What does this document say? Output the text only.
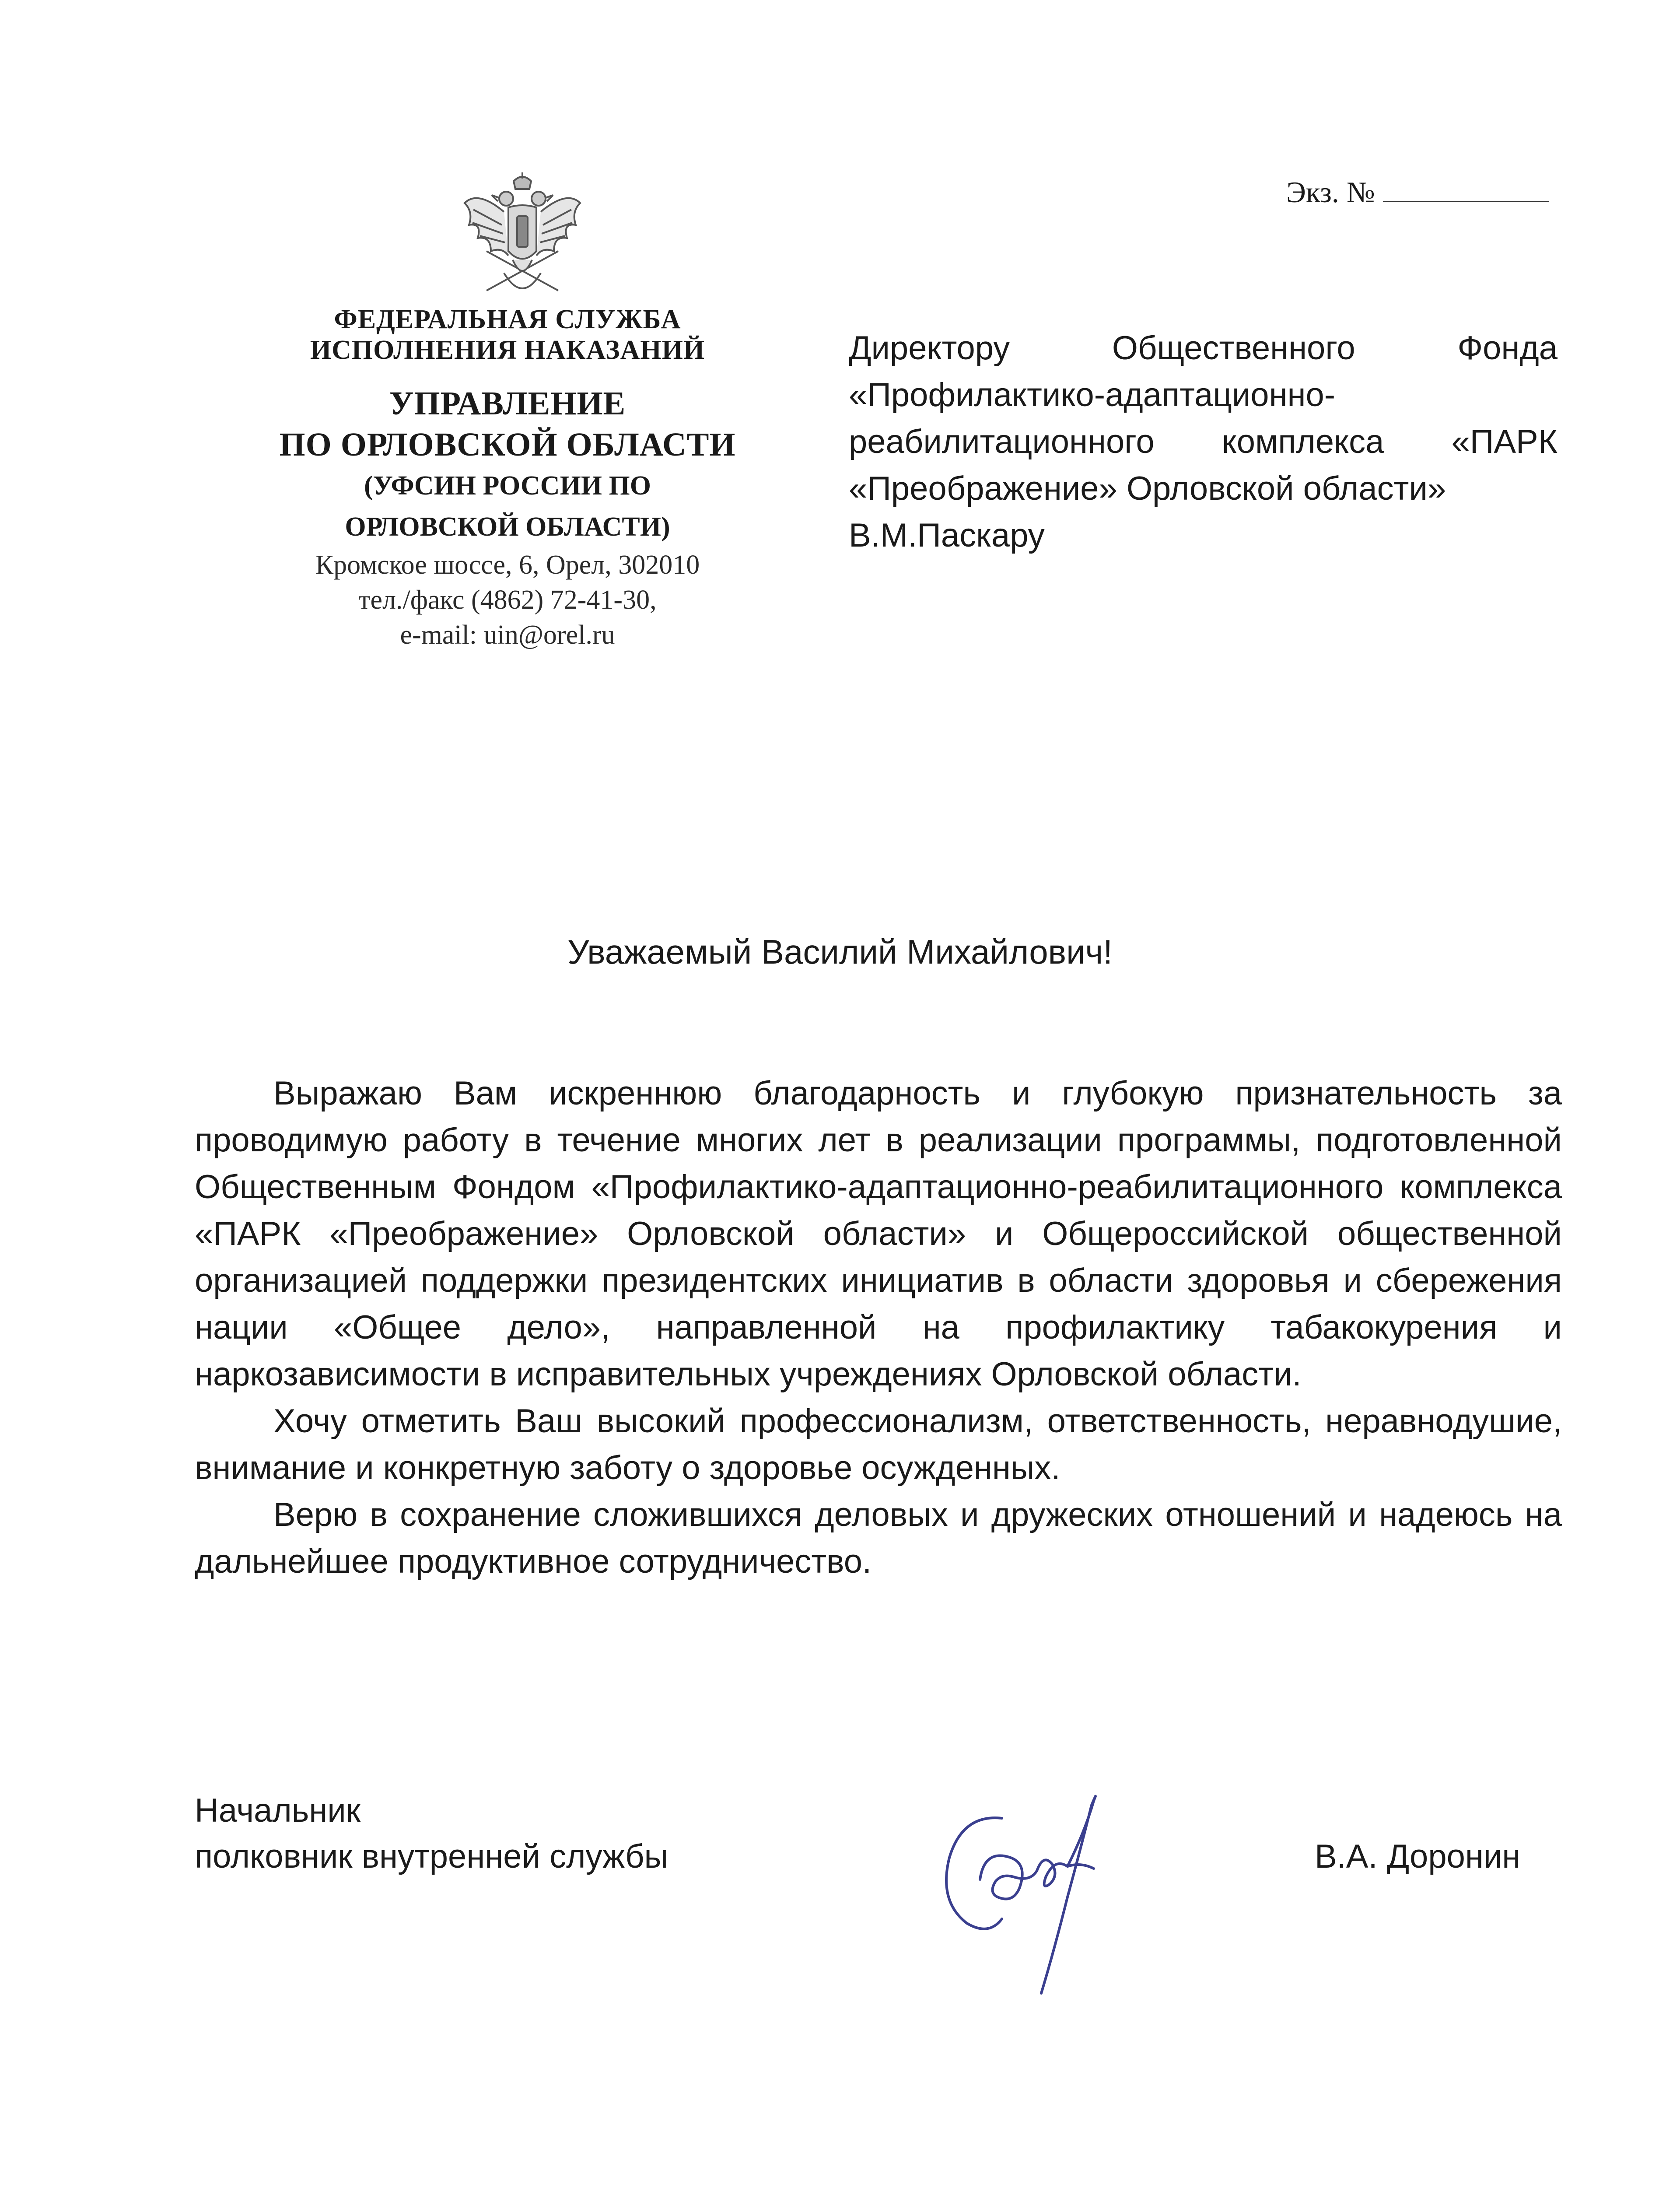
ФЕДЕРАЛЬНАЯ СЛУЖБА
ИСПОЛНЕНИЯ НАКАЗАНИЙ
УПРАВЛЕНИЕ
ПО ОРЛОВСКОЙ ОБЛАСТИ
(УФСИН РОССИИ ПО
ОРЛОВСКОЙ ОБЛАСТИ)
Кромское шоссе, 6, Орел, 302010
тел./факс (4862) 72-41-30,
e-mail: uin@orel.ru
Экз. №
Директору Общественного Фонда
«Профилактико-адаптационно-
реабилитационного комплекса «ПАРК
«Преображение» Орловской области»
В.М.Паскару
Уважаемый Василий Михайлович!

Выражаю Вам искреннюю благодарность и глубокую признательность за проводимую работу в течение многих лет в реализации программы, подготовленной Общественным Фондом «Профилактико-адаптационно-реабилитационного комплекса «ПАРК «Преображение» Орловской области» и Общероссийской общественной организацией поддержки президентских инициатив в области здоровья и сбережения нации «Общее дело», направленной на профилактику табакокурения и наркозависимости в исправительных учреждениях Орловской области.

Хочу отметить Ваш высокий профессионализм, ответственность, неравнодушие, внимание и конкретную заботу о здоровье осужденных.

Верю в сохранение сложившихся деловых и дружеских отношений и надеюсь на дальнейшее продуктивное сотрудничество.

Начальник
полковник внутренней службы	В.А. Доронин
